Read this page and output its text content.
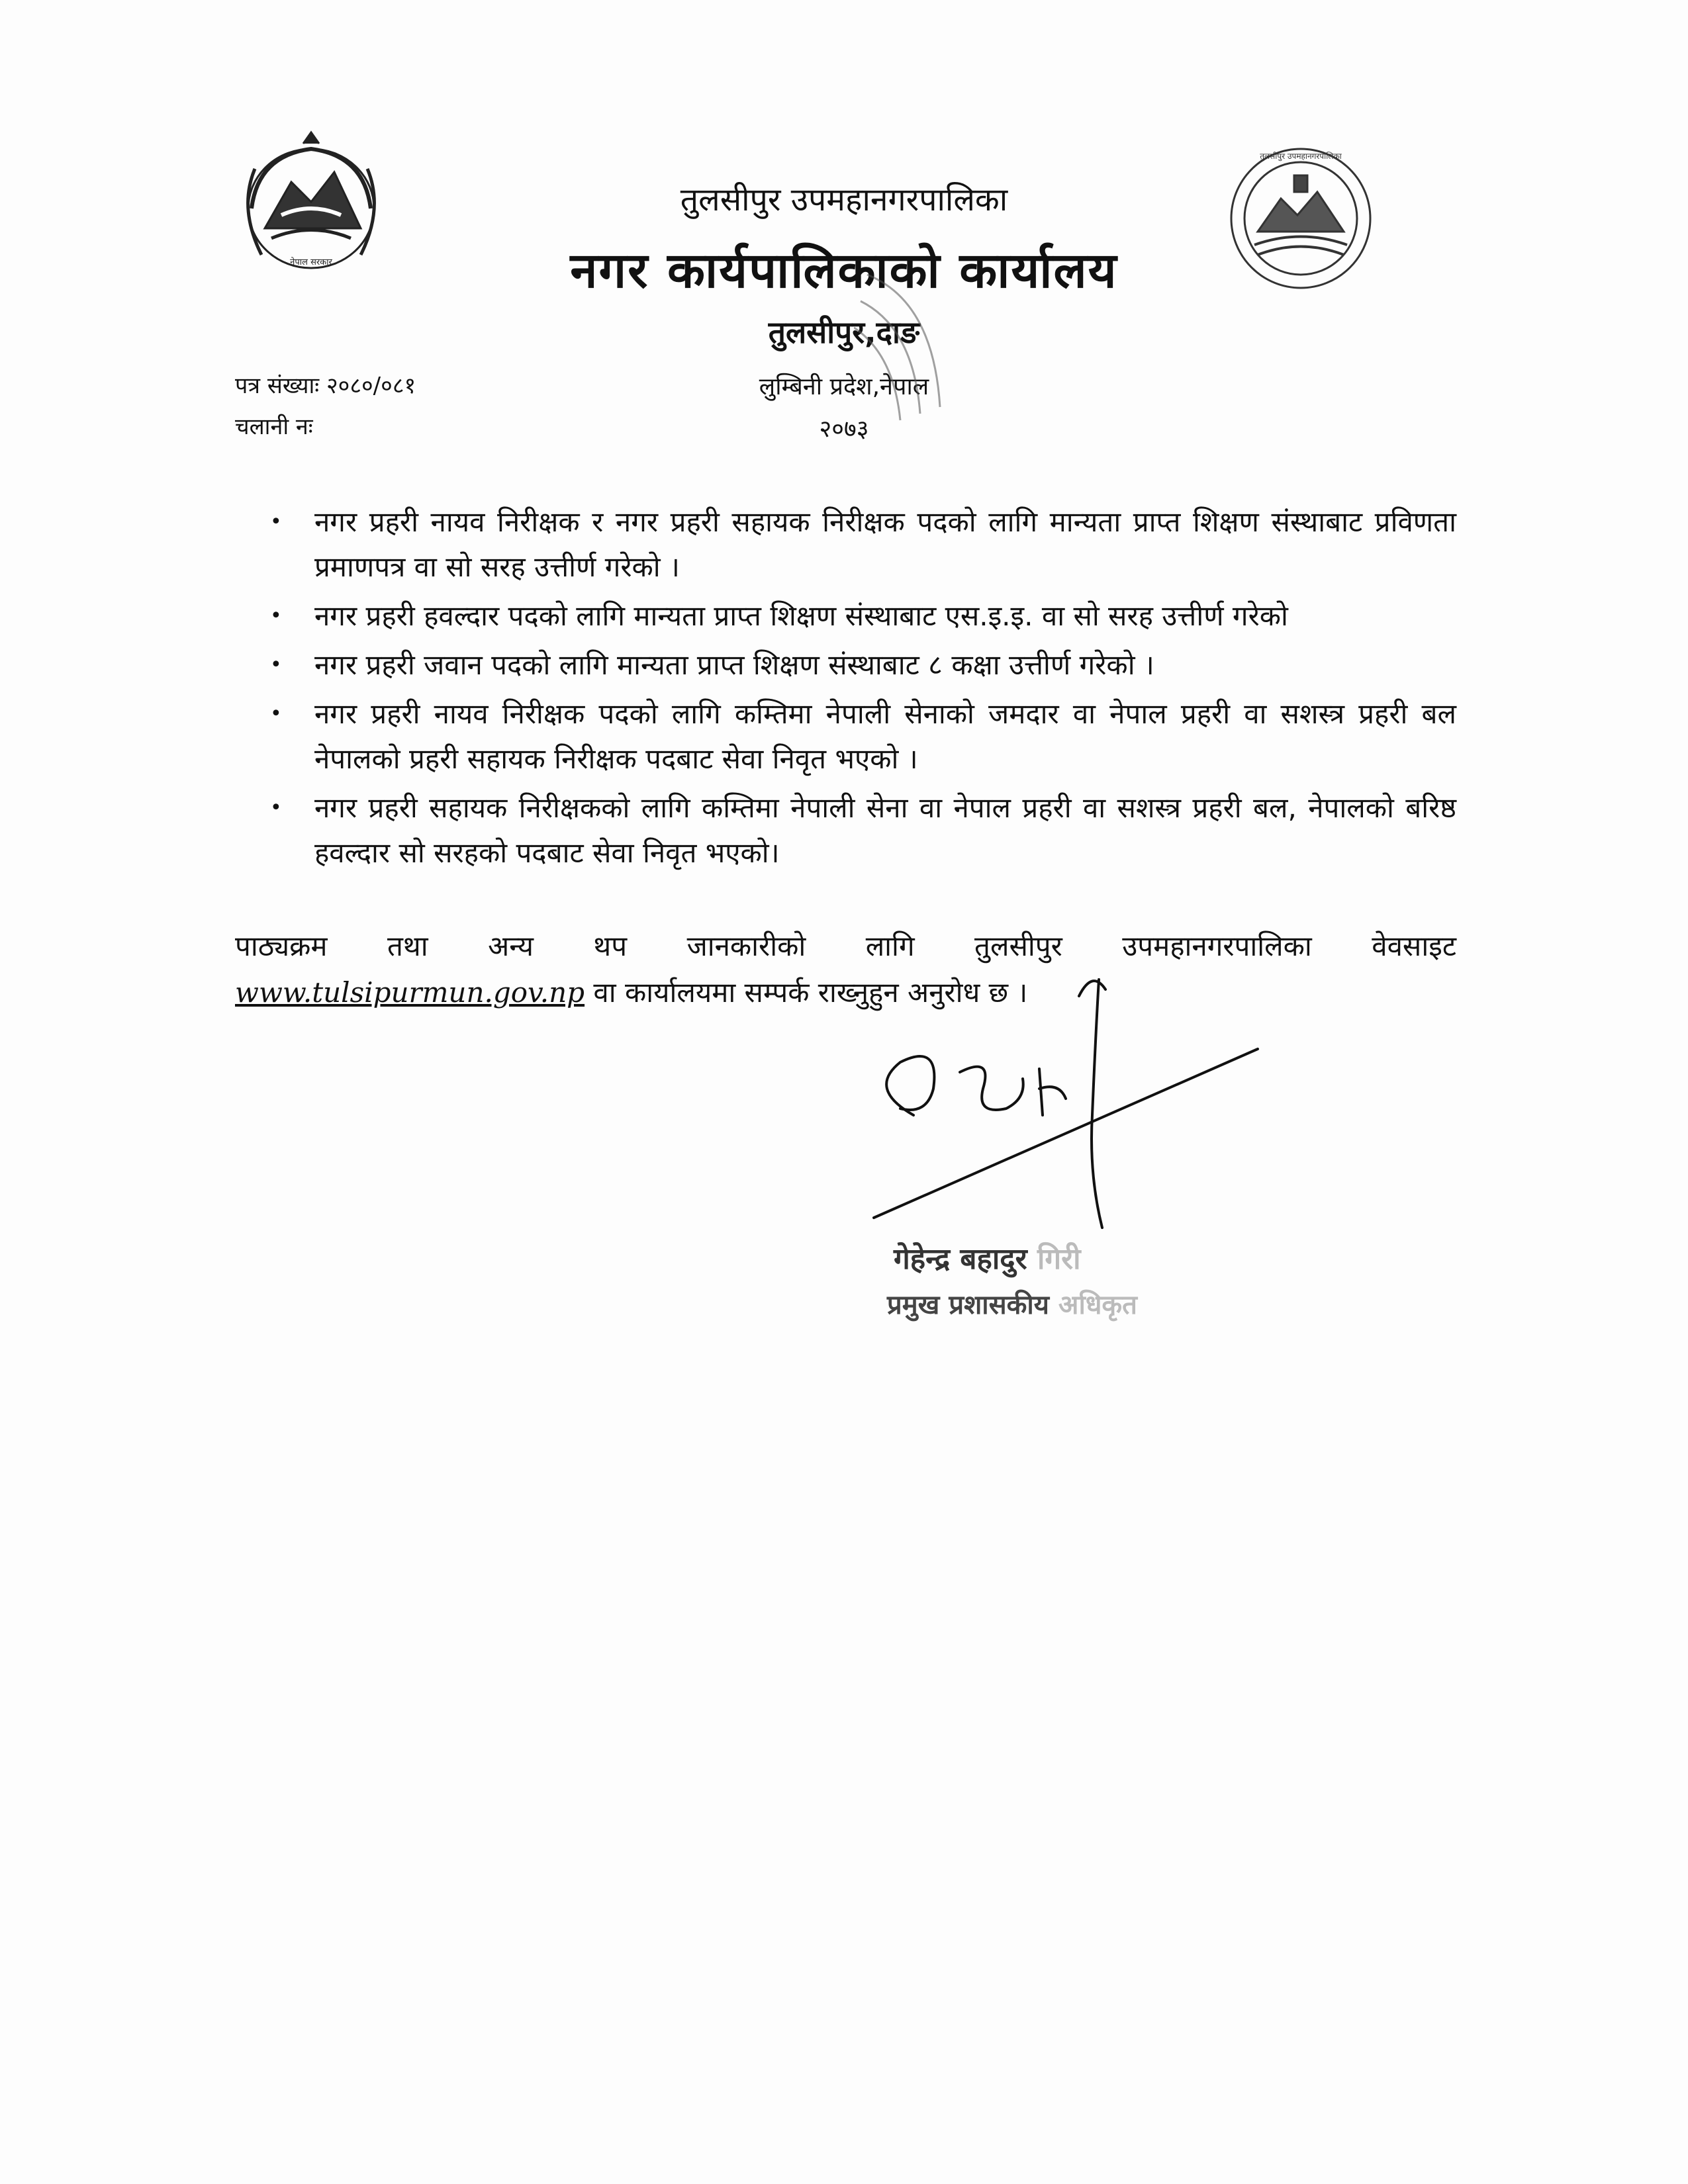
नेपाल सरकार
तुलसीपुर उपमहानगरपालिका
तुलसीपुर उपमहानगरपालिका
नगर कार्यपालिकाको कार्यालय
तुलसीपुर,दाङ
लुम्बिनी प्रदेश,नेपाल
२०७३
पत्र संख्याः २०८०/०८१
चलानी नः
• नगर प्रहरी नायव निरीक्षक र नगर प्रहरी सहायक निरीक्षक पदको लागि मान्यता प्राप्त शिक्षण संस्थाबाट प्रविणता प्रमाणपत्र वा सो सरह उत्तीर्ण गरेको ।
• नगर प्रहरी हवल्दार पदको लागि मान्यता प्राप्त शिक्षण संस्थाबाट एस.इ.इ. वा सो सरह उत्तीर्ण गरेको
• नगर प्रहरी जवान पदको लागि मान्यता प्राप्त शिक्षण संस्थाबाट ८ कक्षा उत्तीर्ण गरेको ।
• नगर प्रहरी नायव निरीक्षक पदको लागि कम्तिमा नेपाली सेनाको जमदार वा नेपाल प्रहरी वा सशस्त्र प्रहरी बल नेपालको प्रहरी सहायक निरीक्षक पदबाट सेवा निवृत भएको ।
• नगर प्रहरी सहायक निरीक्षकको लागि कम्तिमा नेपाली सेना वा नेपाल प्रहरी वा सशस्त्र प्रहरी बल, नेपालको बरिष्ठ हवल्दार सो सरहको पदबाट सेवा निवृत भएको।
पाठ्यक्रम तथा अन्य थप जानकारीको लागि तुलसीपुर उपमहानगरपालिका वेवसाइट
www.tulsipurmun.gov.np वा कार्यालयमा सम्पर्क राख्नुहुन अनुरोध छ ।
गेहेन्द्र बहादुर गिरी
प्रमुख प्रशासकीय अधिकृत
